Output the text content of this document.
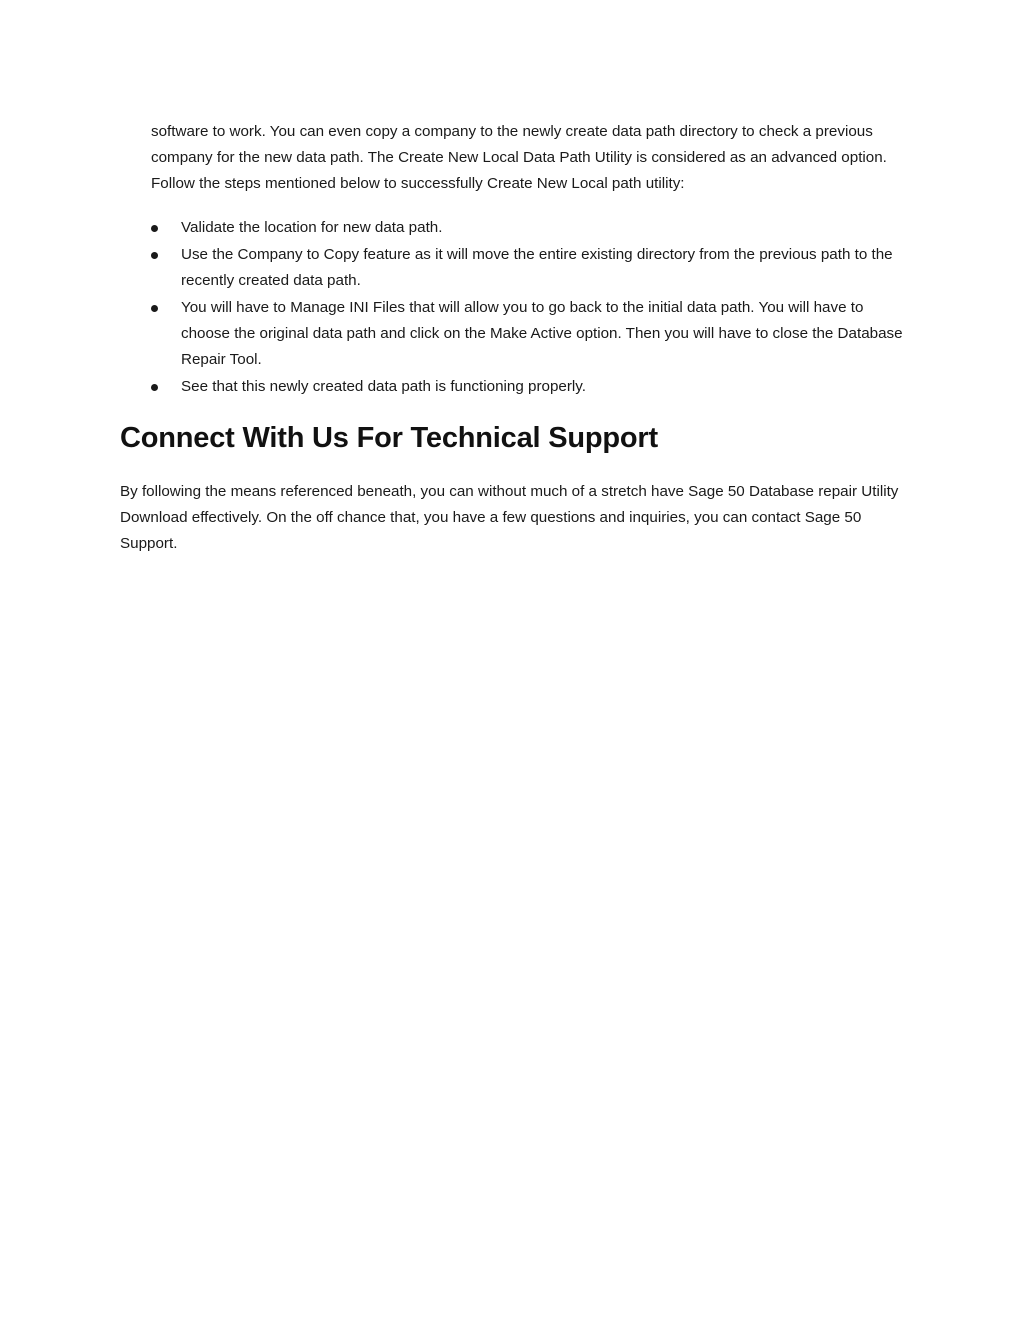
software to work. You can even copy a company to the newly create data path directory to check a previous company for the new data path. The Create New Local Data Path Utility is considered as an advanced option. Follow the steps mentioned below to successfully Create New Local path utility:

Validate the location for new data path.
Use the Company to Copy feature as it will move the entire existing directory from the previous path to the recently created data path.
You will have to Manage INI Files that will allow you to go back to the initial data path. You will have to choose the original data path and click on the Make Active option. Then you will have to close the Database Repair Tool.
See that this newly created data path is functioning properly.
Connect With Us For Technical Support

By following the means referenced beneath, you can without much of a stretch have Sage 50 Database repair Utility Download effectively. On the off chance that, you have a few questions and inquiries, you can contact Sage 50 Support.
